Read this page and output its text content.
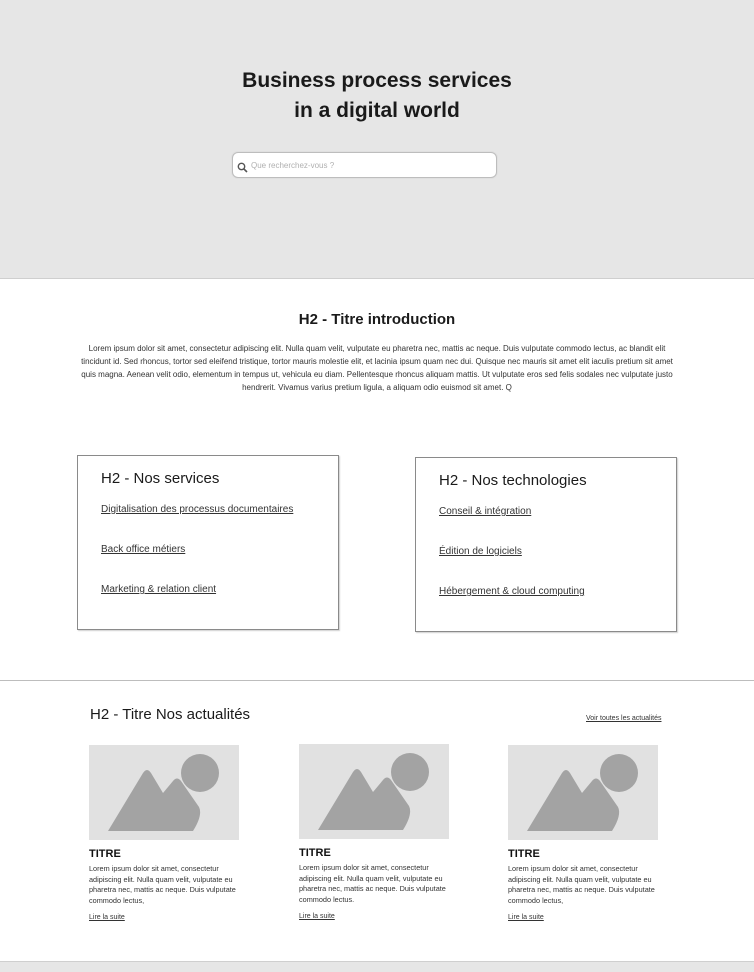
Business process services
in a digital world
Que recherchez-vous ?
H2 - Titre introduction

Lorem ipsum dolor sit amet, consectetur adipiscing elit. Nulla quam velit, vulputate eu pharetra nec, mattis ac neque. Duis vulputate commodo lectus, ac blandit elit tincidunt id. Sed rhoncus, tortor sed eleifend tristique, tortor mauris molestie elit, et lacinia ipsum quam nec dui. Quisque nec mauris sit amet elit iaculis pretium sit amet quis magna. Aenean velit odio, elementum in tempus ut, vehicula eu diam. Pellentesque rhoncus aliquam mattis. Ut vulputate eros sed felis sodales nec vulputate justo hendrerit. Vivamus varius pretium ligula, a aliquam odio euismod sit amet. Q

H2 - Nos services
Digitalisation des processus documentaires
Back office métiers
Marketing & relation client
H2 - Nos technologies
Conseil & intégration
Édition de logiciels
Hébergement & cloud computing
H2 - Titre Nos actualités	Voir toutes les actualités
TITRE
Lorem ipsum dolor sit amet, consectetur adipiscing elit. Nulla quam velit, vulputate eu pharetra nec, mattis ac neque. Duis vulputate commodo lectus,
Lire la suite
TITRE
Lorem ipsum dolor sit amet, consectetur adipiscing elit. Nulla quam velit, vulputate eu pharetra nec, mattis ac neque. Duis vulputate commodo lectus.
Lire la suite
TITRE
Lorem ipsum dolor sit amet, consectetur adipiscing elit. Nulla quam velit, vulputate eu pharetra nec, mattis ac neque. Duis vulputate commodo lectus,
Lire la suite
